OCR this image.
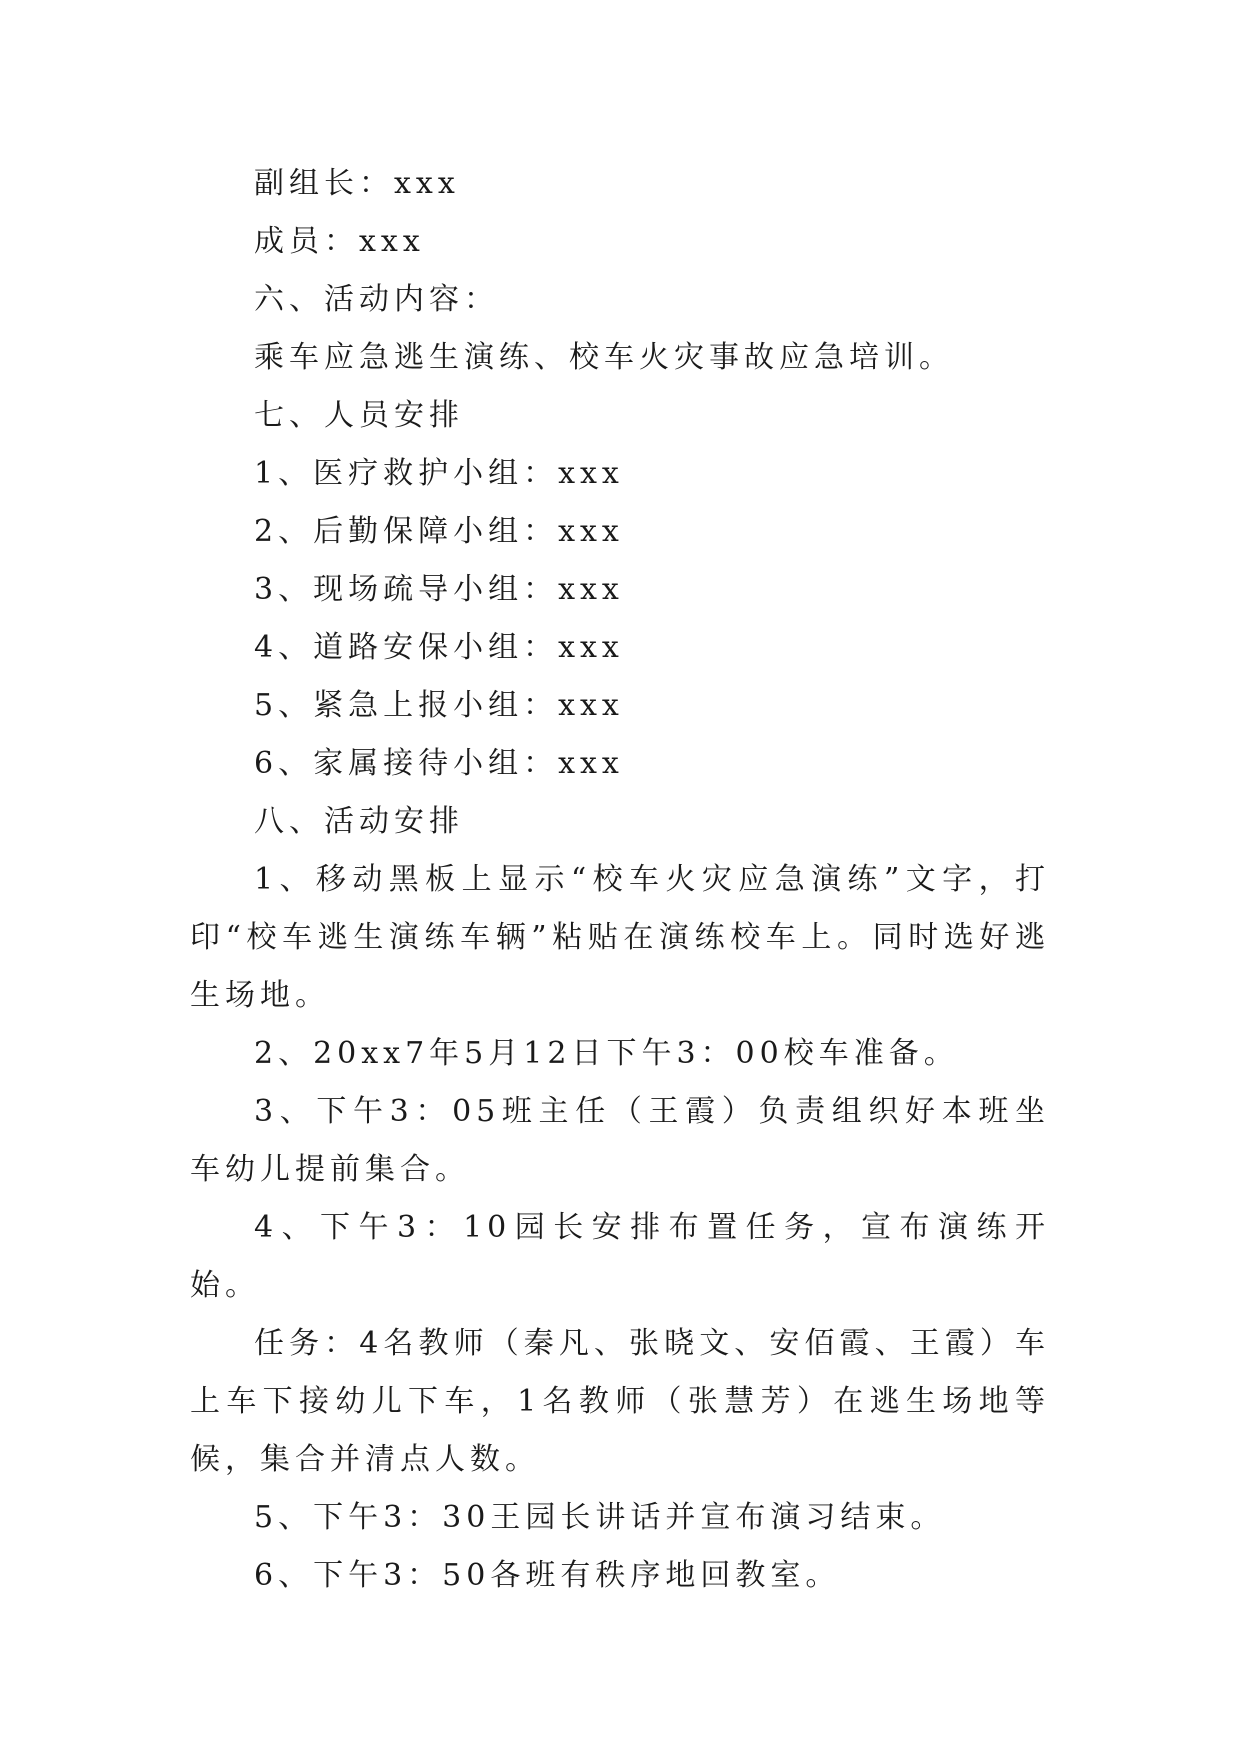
副组长：xxx

成员：xxx

六、活动内容：

乘车应急逃生演练、校车火灾事故应急培训。

七、人员安排

1、医疗救护小组：xxx

2、后勤保障小组：xxx

3、现场疏导小组：xxx

4、道路安保小组：xxx

5、紧急上报小组：xxx

6、家属接待小组：xxx

八、活动安排

1、移动黑板上显示“校车火灾应急演练”文字，打印“校车逃生演练车辆”粘贴在演练校车上。同时选好逃生场地。

2、20xx7年5月12日下午3：00校车准备。

3、下午3：05班主任（王霞）负责组织好本班坐车幼儿提前集合。

4、下午3：10园长安排布置任务，宣布演练开始。

任务：4名教师（秦凡、张晓文、安佰霞、王霞）车上车下接幼儿下车，1名教师（张慧芳）在逃生场地等候，集合并清点人数。

5、下午3：30王园长讲话并宣布演习结束。

6、下午3：50各班有秩序地回教室。
